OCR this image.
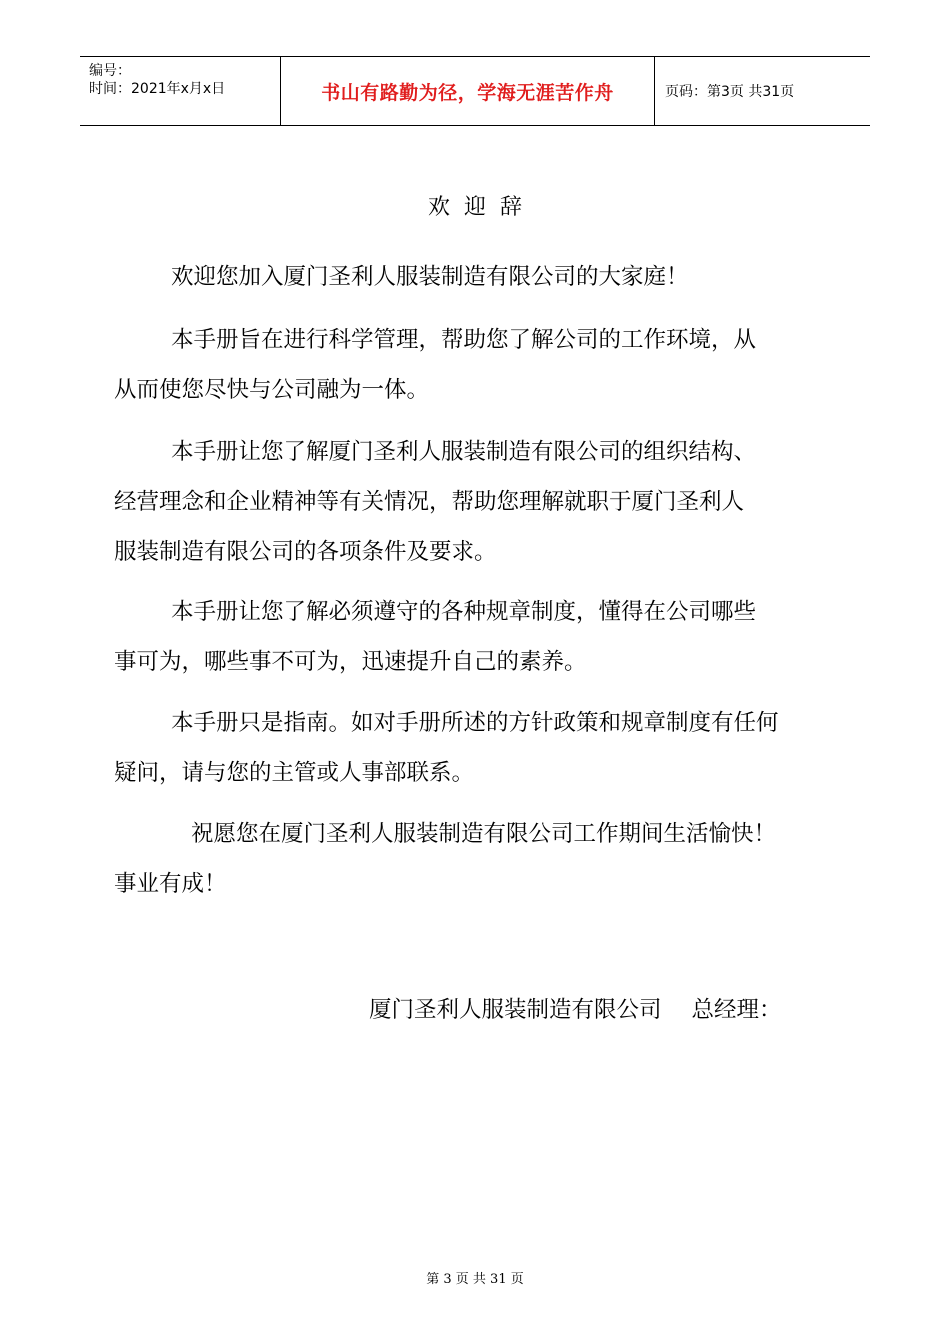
编号：
时间：2021年x月x日	书山有路勤为径，学海无涯苦作舟	页码：第3页 共31页
欢迎辞
欢迎您加入厦门圣利人服装制造有限公司的大家庭！
本手册旨在进行科学管理，帮助您了解公司的工作环境，从
从而使您尽快与公司融为一体。
本手册让您了解厦门圣利人服装制造有限公司的组织结构、
经营理念和企业精神等有关情况，帮助您理解就职于厦门圣利人
服装制造有限公司的各项条件及要求。
本手册让您了解必须遵守的各种规章制度，懂得在公司哪些
事可为，哪些事不可为，迅速提升自己的素养。
本手册只是指南。如对手册所述的方针政策和规章制度有任何
疑问，请与您的主管或人事部联系。
祝愿您在厦门圣利人服装制造有限公司工作期间生活愉快！
事业有成！
厦门圣利人服装制造有限公司 总经理：
第 3 页 共 31 页
